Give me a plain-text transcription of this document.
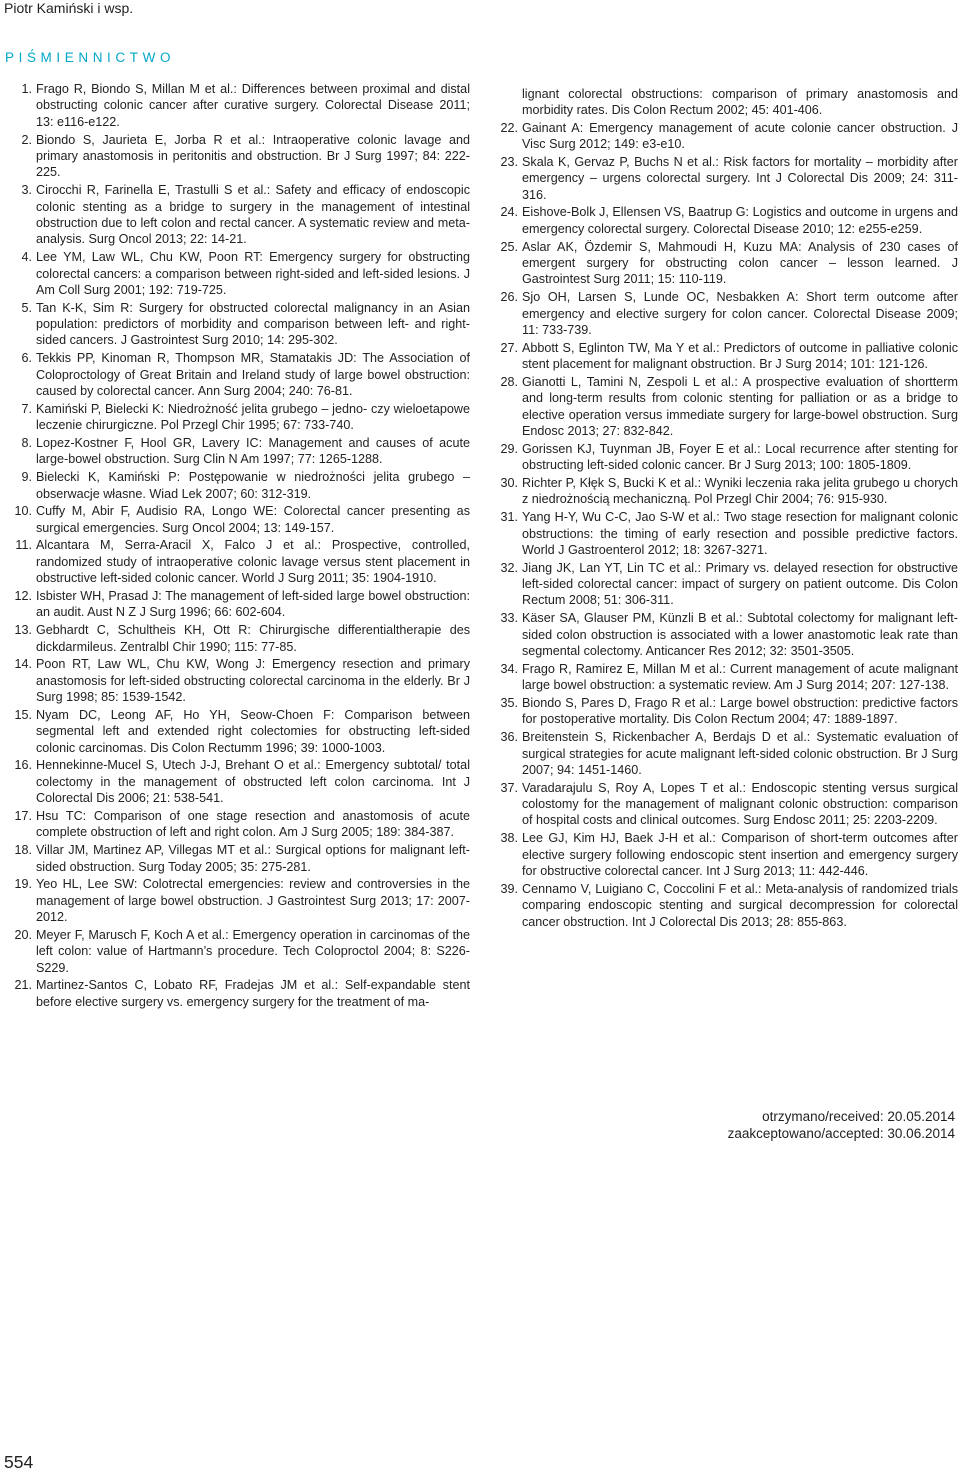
Piotr Kamiński i wsp.
PIŚMIENNICTWO
1. Frago R, Biondo S, Millan M et al.: Differences between proximal and distal obstructing colonic cancer after curative surgery. Colorectal Disease 2011; 13: e116-e122.
2. Biondo S, Jaurieta E, Jorba R et al.: Intraoperative colonic lavage and primary anastomosis in peritonitis and obstruction. Br J Surg 1997; 84: 222-225.
3. Cirocchi R, Farinella E, Trastulli S et al.: Safety and efficacy of endoscopic colonic stenting as a bridge to surgery in the management of intestinal obstruction due to left colon and rectal cancer. A systematic review and meta-analysis. Surg Oncol 2013; 22: 14-21.
4. Lee YM, Law WL, Chu KW, Poon RT: Emergency surgery for obstructing colorectal cancers: a comparison between right-sided and left-sided lesions. J Am Coll Surg 2001; 192: 719-725.
5. Tan K-K, Sim R: Surgery for obstructed colorectal malignancy in an Asian population: predictors of morbidity and comparison between left- and right-sided cancers. J Gastrointest Surg 2010; 14: 295-302.
6. Tekkis PP, Kinoman R, Thompson MR, Stamatakis JD: The Association of Coloproctology of Great Britain and Ireland study of large bowel obstruction: caused by colorectal cancer. Ann Surg 2004; 240: 76-81.
7. Kamiński P, Bielecki K: Niedrożność jelita grubego – jedno- czy wieloetapowe leczenie chirurgiczne. Pol Przegl Chir 1995; 67: 733-740.
8. Lopez-Kostner F, Hool GR, Lavery IC: Management and causes of acute large-bowel obstruction. Surg Clin N Am 1997; 77: 1265-1288.
9. Bielecki K, Kamiński P: Postępowanie w niedrożności jelita grubego – obserwacje własne. Wiad Lek 2007; 60: 312-319.
10. Cuffy M, Abir F, Audisio RA, Longo WE: Colorectal cancer presenting as surgical emergencies. Surg Oncol 2004; 13: 149-157.
11. Alcantara M, Serra-Aracil X, Falco J et al.: Prospective, controlled, randomized study of intraoperative colonic lavage versus stent placement in obstructive left-sided colonic cancer. World J Surg 2011; 35: 1904-1910.
12. Isbister WH, Prasad J: The management of left-sided large bowel obstruction: an audit. Aust N Z J Surg 1996; 66: 602-604.
13. Gebhardt C, Schultheis KH, Ott R: Chirurgische differentialtherapie des dickdarmileus. Zentralbl Chir 1990; 115: 77-85.
14. Poon RT, Law WL, Chu KW, Wong J: Emergency resection and primary anastomosis for left-sided obstructing colorectal carcinoma in the elderly. Br J Surg 1998; 85: 1539-1542.
15. Nyam DC, Leong AF, Ho YH, Seow-Choen F: Comparison between segmental left and extended right colectomies for obstructing left-sided colonic carcinomas. Dis Colon Rectumm 1996; 39: 1000-1003.
16. Hennekinne-Mucel S, Utech J-J, Brehant O et al.: Emergency subtotal/ total colectomy in the management of obstructed left colon carcinoma. Int J Colorectal Dis 2006; 21: 538-541.
17. Hsu TC: Comparison of one stage resection and anastomosis of acute complete obstruction of left and right colon. Am J Surg 2005; 189: 384-387.
18. Villar JM, Martinez AP, Villegas MT et al.: Surgical options for malignant left-sided obstruction. Surg Today 2005; 35: 275-281.
19. Yeo HL, Lee SW: Colotrectal emergencies: review and controversies in the management of large bowel obstruction. J Gastrointest Surg 2013; 17: 2007-2012.
20. Meyer F, Marusch F, Koch A et al.: Emergency operation in carcinomas of the left colon: value of Hartmann’s procedure. Tech Coloproctol 2004; 8: S226-S229.
21. Martinez-Santos C, Lobato RF, Fradejas JM et al.: Self-expandable stent before elective surgery vs. emergency surgery for the treatment of ma-
lignant colorectal obstructions: comparison of primary anastomosis and morbidity rates. Dis Colon Rectum 2002; 45: 401-406.
22. Gainant A: Emergency management of acute colonie cancer obstruction. J Visc Surg 2012; 149: e3-e10.
23. Skala K, Gervaz P, Buchs N et al.: Risk factors for mortality – morbidity after emergency – urgens colorectal surgery. Int J Colorectal Dis 2009; 24: 311-316.
24. Eishove-Bolk J, Ellensen VS, Baatrup G: Logistics and outcome in urgens and emergency colorectal surgery. Colorectal Disease 2010; 12: e255-e259.
25. Aslar AK, Özdemir S, Mahmoudi H, Kuzu MA: Analysis of 230 cases of emergent surgery for obstructing colon cancer – lesson learned. J Gastrointest Surg 2011; 15: 110-119.
26. Sjo OH, Larsen S, Lunde OC, Nesbakken A: Short term outcome after emergency and elective surgery for colon cancer. Colorectal Disease 2009; 11: 733-739.
27. Abbott S, Eglinton TW, Ma Y et al.: Predictors of outcome in palliative colonic stent placement for malignant obstruction. Br J Surg 2014; 101: 121-126.
28. Gianotti L, Tamini N, Zespoli L et al.: A prospective evaluation of shortterm and long-term results from colonic stenting for palliation or as a bridge to elective operation versus immediate surgery for large-bowel obstruction. Surg Endosc 2013; 27: 832-842.
29. Gorissen KJ, Tuynman JB, Foyer E et al.: Local recurrence after stenting for obstructing left-sided colonic cancer. Br J Surg 2013; 100: 1805-1809.
30. Richter P, Kłęk S, Bucki K et al.: Wyniki leczenia raka jelita grubego u chorych z niedrożnością mechaniczną. Pol Przegl Chir 2004; 76: 915-930.
31. Yang H-Y, Wu C-C, Jao S-W et al.: Two stage resection for malignant colonic obstructions: the timing of early resection and possible predictive factors. World J Gastroenterol 2012; 18: 3267-3271.
32. Jiang JK, Lan YT, Lin TC et al.: Primary vs. delayed resection for obstructive left-sided colorectal cancer: impact of surgery on patient outcome. Dis Colon Rectum 2008; 51: 306-311.
33. Käser SA, Glauser PM, Künzli B et al.: Subtotal colectomy for malignant left-sided colon obstruction is associated with a lower anastomotic leak rate than segmental colectomy. Anticancer Res 2012; 32: 3501-3505.
34. Frago R, Ramirez E, Millan M et al.: Current management of acute malignant large bowel obstruction: a systematic review. Am J Surg 2014; 207: 127-138.
35. Biondo S, Pares D, Frago R et al.: Large bowel obstruction: predictive factors for postoperative mortality. Dis Colon Rectum 2004; 47: 1889-1897.
36. Breitenstein S, Rickenbacher A, Berdajs D et al.: Systematic evaluation of surgical strategies for acute malignant left-sided colonic obstruction. Br J Surg 2007; 94: 1451-1460.
37. Varadarajulu S, Roy A, Lopes T et al.: Endoscopic stenting versus surgical colostomy for the management of malignant colonic obstruction: comparison of hospital costs and clinical outcomes. Surg Endosc 2011; 25: 2203-2209.
38. Lee GJ, Kim HJ, Baek J-H et al.: Comparison of short-term outcomes after elective surgery following endoscopic stent insertion and emergency surgery for obstructive colorectal cancer. Int J Surg 2013; 11: 442-446.
39. Cennamo V, Luigiano C, Coccolini F et al.: Meta-analysis of randomized trials comparing endoscopic stenting and surgical decompression for colorectal cancer obstruction. Int J Colorectal Dis 2013; 28: 855-863.
otrzymano/received: 20.05.2014
zaakceptowano/accepted: 30.06.2014
554
